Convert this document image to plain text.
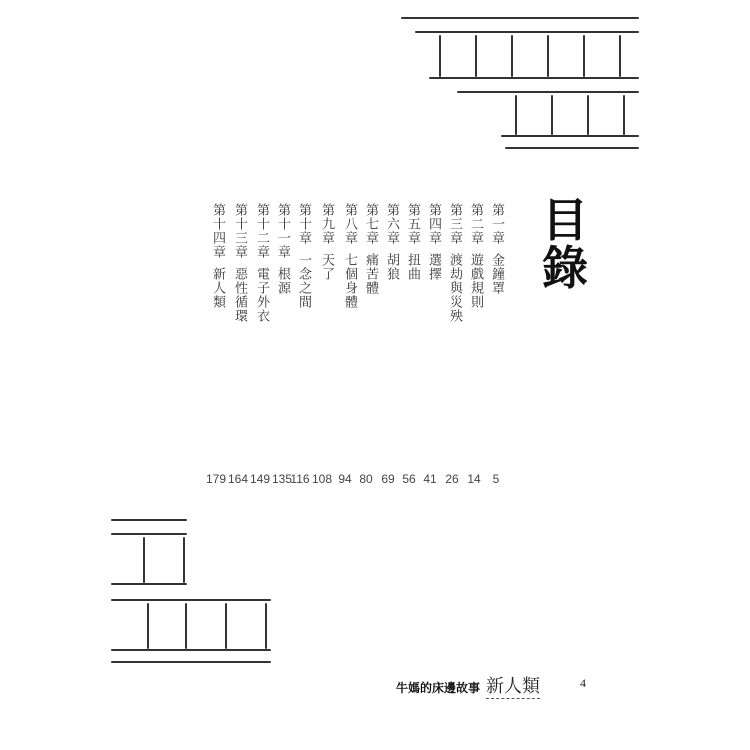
目
錄
第一章金鐘罩
第二章遊戲規則
第三章渡劫與災殃
第四章選擇
第五章扭曲
第六章胡狼
第七章痛苦體
第八章七個身體
第九章天了
第十章一念之間
第十一章根源
第十二章電子外衣
第十三章惡性循環
第十四章新人類
5
14
26
41
56
69
80
94
108
116
135
149
164
179
牛媽的床邊故事 新人類	4
